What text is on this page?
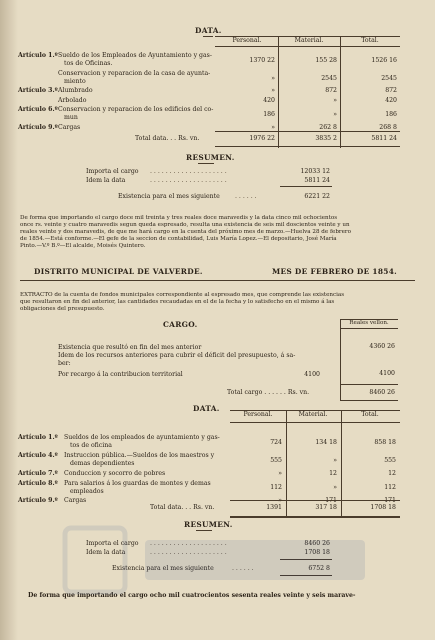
DATA.
Personal.	Material.	Total.
Artículo 1.º Sueldo de los Empleados de Ayuntamiento y gas-
tos de Oficinas.	1370 22	155 28	1526 16
Conservacion y reparacion de la casa de ayunta-
miento	»	2545	2545
Artículo 3.º Alumbrado	»	872	872
Arbolado	420	»	420
Artículo 6.º Conservacion y reparacion de los edificios del co-
mun	186	»	186
Artículo 9.º Cargas	»	262 8	268 8
Total data. . . Rs. vn.	1976 22	3835 2	5811 24
RESUMEN.
Importa el cargo . . . . . . . . . . . . . . . . . . . .	12033 12
Idem la data	. . . . . . . . . . . . . . . . . . . .	5811 24
Existencia para el mes siguiente . . . . . .	6221 22
De forma que importando el cargo doce mil treinta y tres reales doce maravedis y la data cinco mil ochocientos
once rs. veinte y cuatro maravedis segun queda espresado, resulta una existencia de seis mil doscientos veinte y un
reales veinte y dos maravedis, de que me hará cargo en la cuenta del próximo mes de marzo.—Huelva 28 de febrero
de 1854.—Está conforme.—El gefe de la seccion de contabilidad, Luis María Lopez.—El depositario, José María
Pinto.—V.º B.º—El alcalde, Moisés Quintero.
DISTRITO MUNICIPAL DE VALVERDE.	MES DE FEBRERO DE 1854.
EXTRACTO de la cuenta de fondos municipales correspondiente al espresado mes, que comprende las existencias
que resultaron en fin del anterior, las cantidades recaudadas en el de la fecha y lo satisfecho en el mismo á las
obligaciones del presupuesto.
CARGO.	Reales vellon.
Existencia que resultó en fin del mes anterior
Idem de los recursos anteriores para cubrir el déficit del presupuesto, á sa-
ber:
4360 26
Por recargo á la contribucion territorial	4100	4100
Total cargo . . . . . . Rs. vn.	8460 26
DATA.
Personal.	Material.	Total.
Artículo 1.º Sueldos de los empleados de ayuntamiento y gas-
tos de oficina	724	134 18	858 18
Artículo 4.º Instruccion pública.—Sueldos de los maestros y
demas dependientes	555	»	555
Artículo 7.º Conduccion y socorro de pobres	»	12	12
Artículo 8.º Para salarios á los guardas de montes y demas
empleados	112	»	112
Artículo 9.º Cargas	»	171	171
Total data. . . Rs. vn.	1391	317 18	1708 18
RESUMEN.
Importa el cargo . . . . . . . . . . . . . . . . . . . .	8460 26
Idem la data	. . . . . . . . . . . . . . . . . . . .	1708 18
Existencia para el mes siguiente	. . . . . .	6752 8
De forma que importando el cargo ocho mil cuatrocientos sesenta reales veinte y seis marave-
